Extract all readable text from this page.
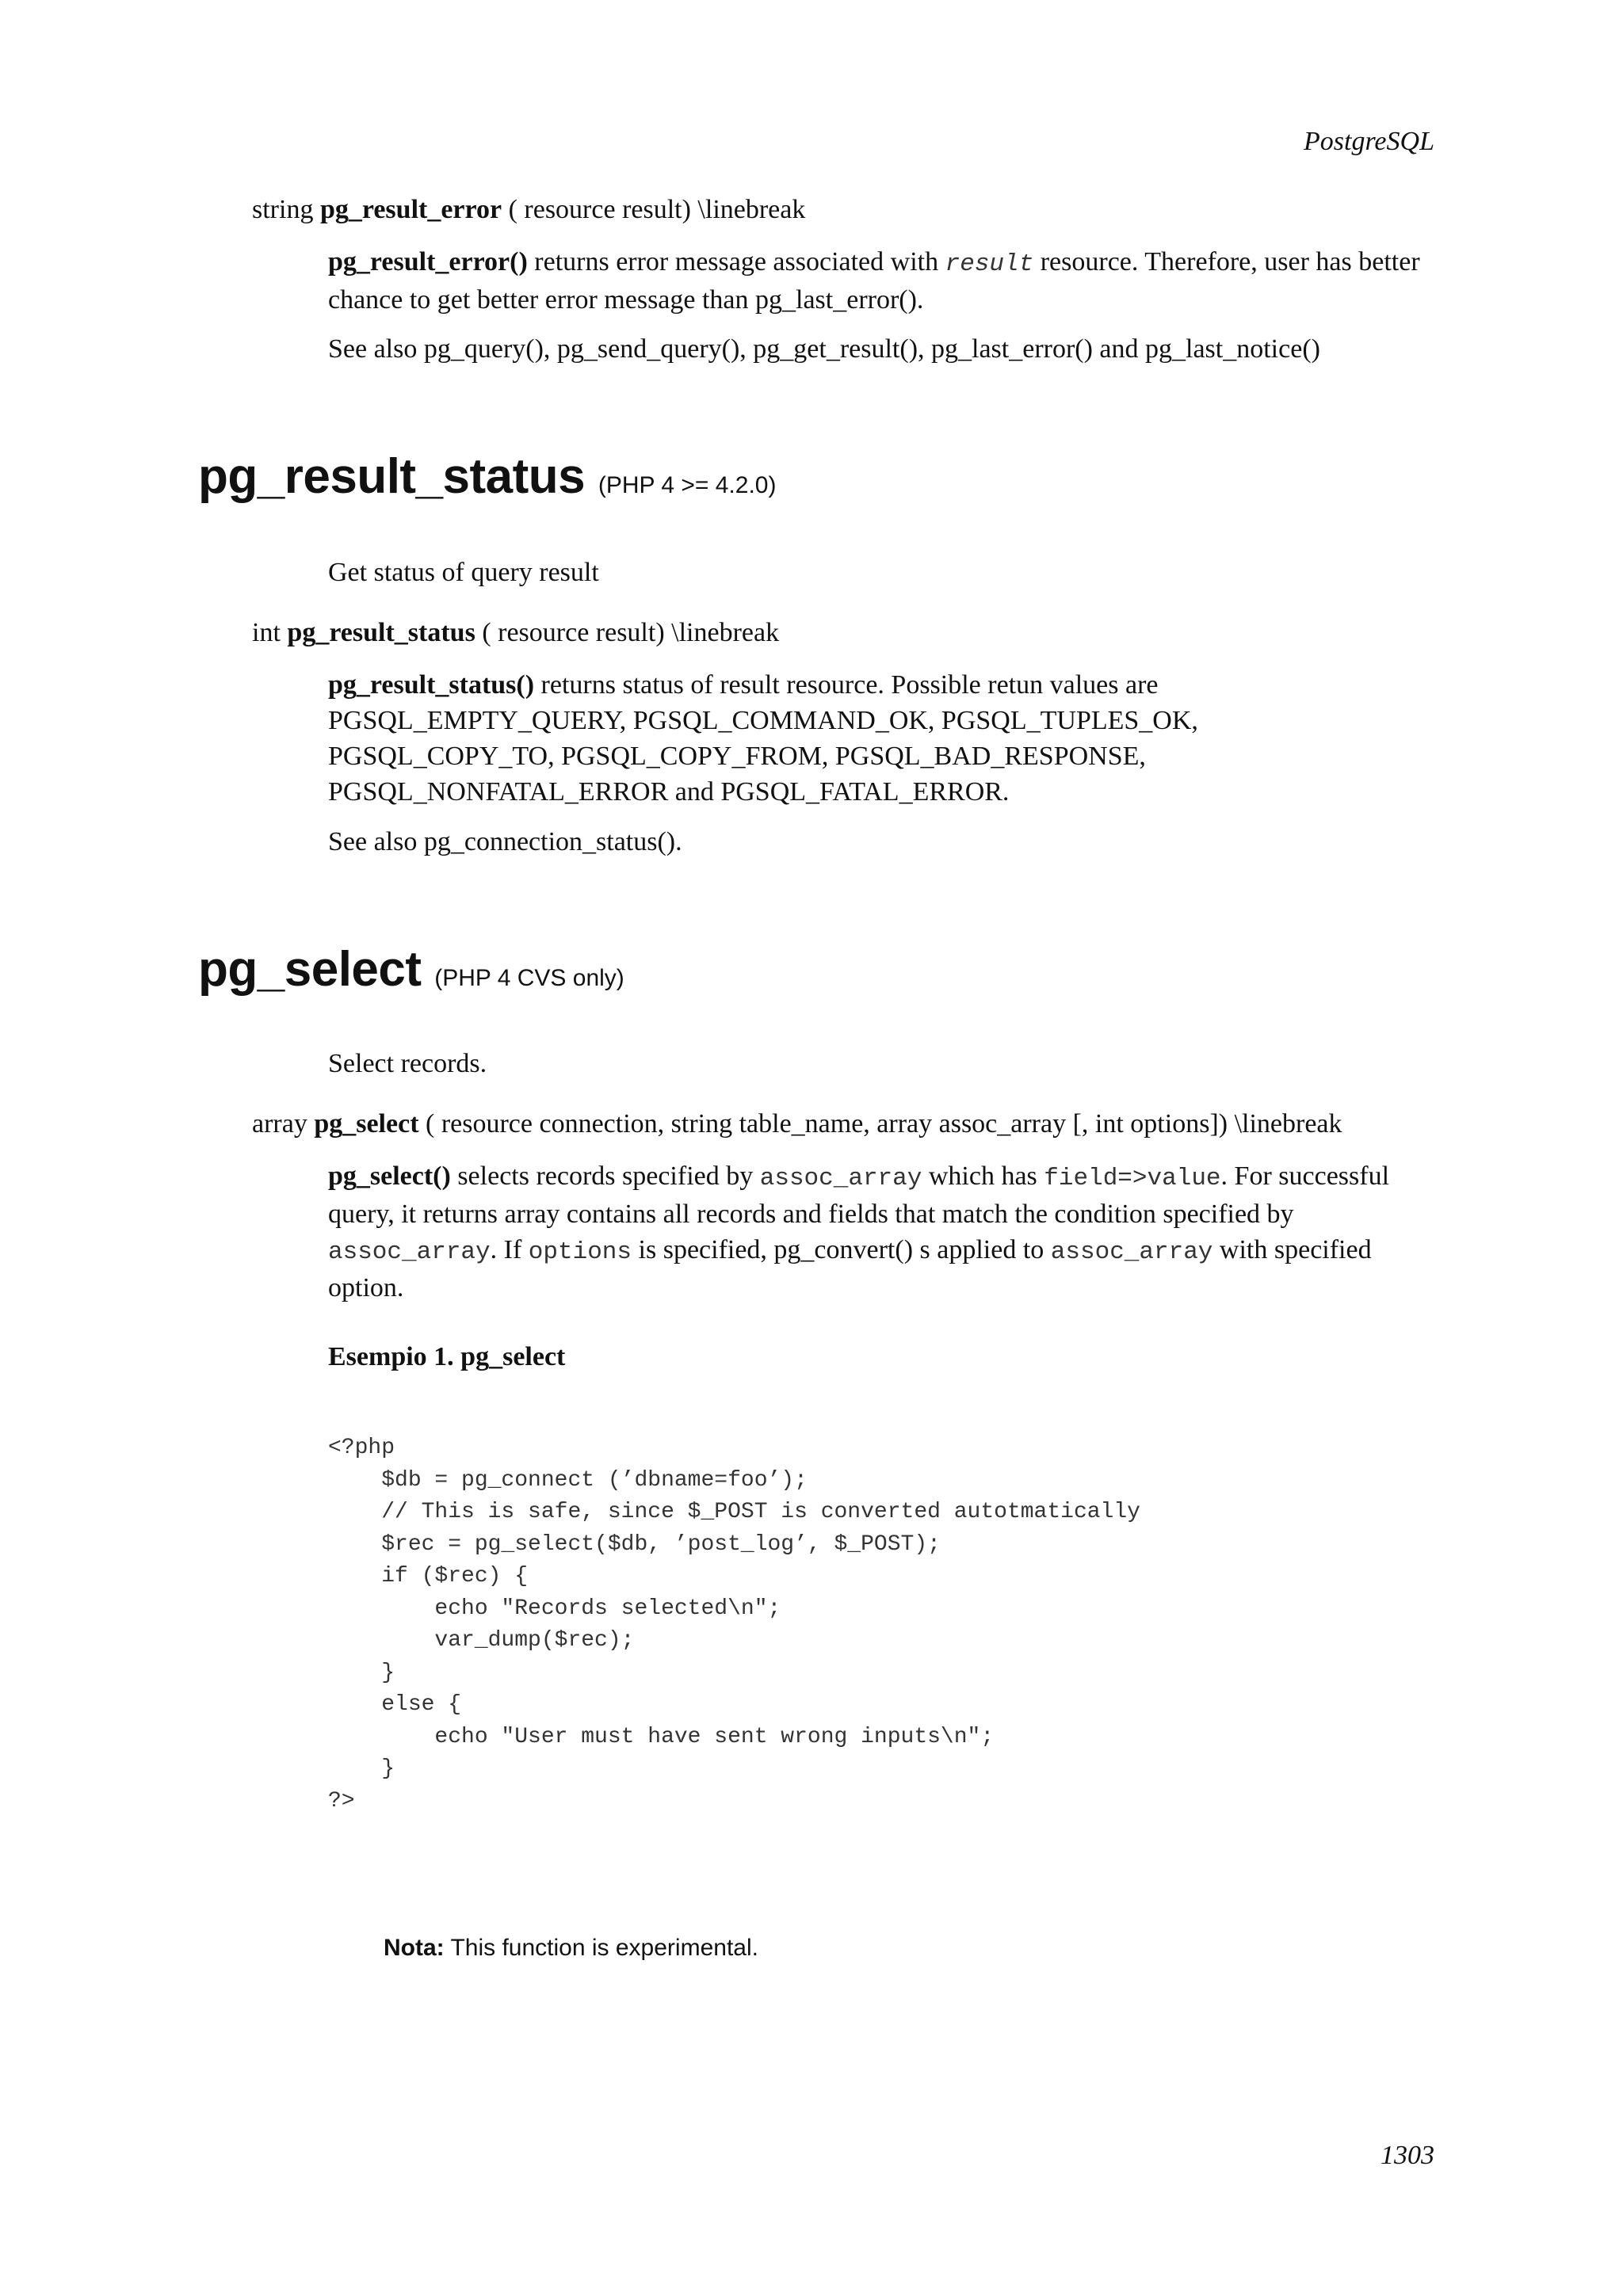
PostgreSQL

string pg_result_error ( resource result) \linebreak

pg_result_error() returns error message associated with result resource. Therefore, user has better chance to get better error message than pg_last_error().

See also pg_query(), pg_send_query(), pg_get_result(), pg_last_error() and pg_last_notice()

pg_result_status (PHP 4 >= 4.2.0)

Get status of query result

int pg_result_status ( resource result) \linebreak

pg_result_status() returns status of result resource. Possible retun values are
PGSQL_EMPTY_QUERY, PGSQL_COMMAND_OK, PGSQL_TUPLES_OK,
PGSQL_COPY_TO, PGSQL_COPY_FROM, PGSQL_BAD_RESPONSE,
PGSQL_NONFATAL_ERROR and PGSQL_FATAL_ERROR.

See also pg_connection_status().

pg_select (PHP 4 CVS only)

Select records.

array pg_select ( resource connection, string table_name, array assoc_array [, int options]) \linebreak

pg_select() selects records specified by assoc_array which has field=>value. For successful query, it returns array contains all records and fields that match the condition specified by assoc_array. If options is specified, pg_convert() s applied to assoc_array with specified option.

Esempio 1. pg_select

<?php
$db = pg_connect (’dbname=foo’);
// This is safe, since $_POST is converted autotmatically
$rec = pg_select($db, ’post_log’, $_POST);
if ($rec) {
echo "Records selected\n";
var_dump($rec);
}
else {
echo "User must have sent wrong inputs\n";
}
?>

Nota: This function is experimental.

1303
